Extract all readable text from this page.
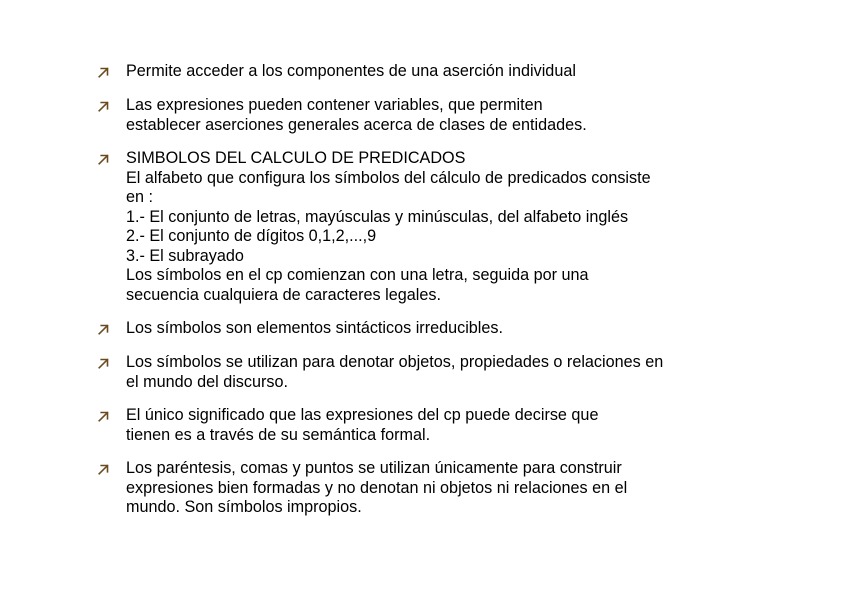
Permite acceder a los componentes de una aserción individual
Las expresiones pueden contener variables, que permiten
establecer aserciones generales acerca de clases de entidades.
SIMBOLOS DEL CALCULO DE PREDICADOS
El alfabeto que configura los símbolos del cálculo de predicados consiste
en :
1.- El conjunto de letras, mayúsculas y minúsculas, del alfabeto inglés
2.- El conjunto de dígitos 0,1,2,...,9
3.- El subrayado
Los símbolos en el cp comienzan con una letra, seguida por una
secuencia cualquiera de caracteres legales.
Los símbolos son elementos sintácticos irreducibles.
Los símbolos se utilizan para denotar objetos, propiedades o relaciones en
el mundo del discurso.
El único significado que las expresiones del cp puede decirse que
tienen es a través de su semántica formal.
Los paréntesis, comas y puntos se utilizan únicamente para construir
expresiones bien formadas y no denotan ni objetos ni relaciones en el
mundo. Son símbolos impropios.
